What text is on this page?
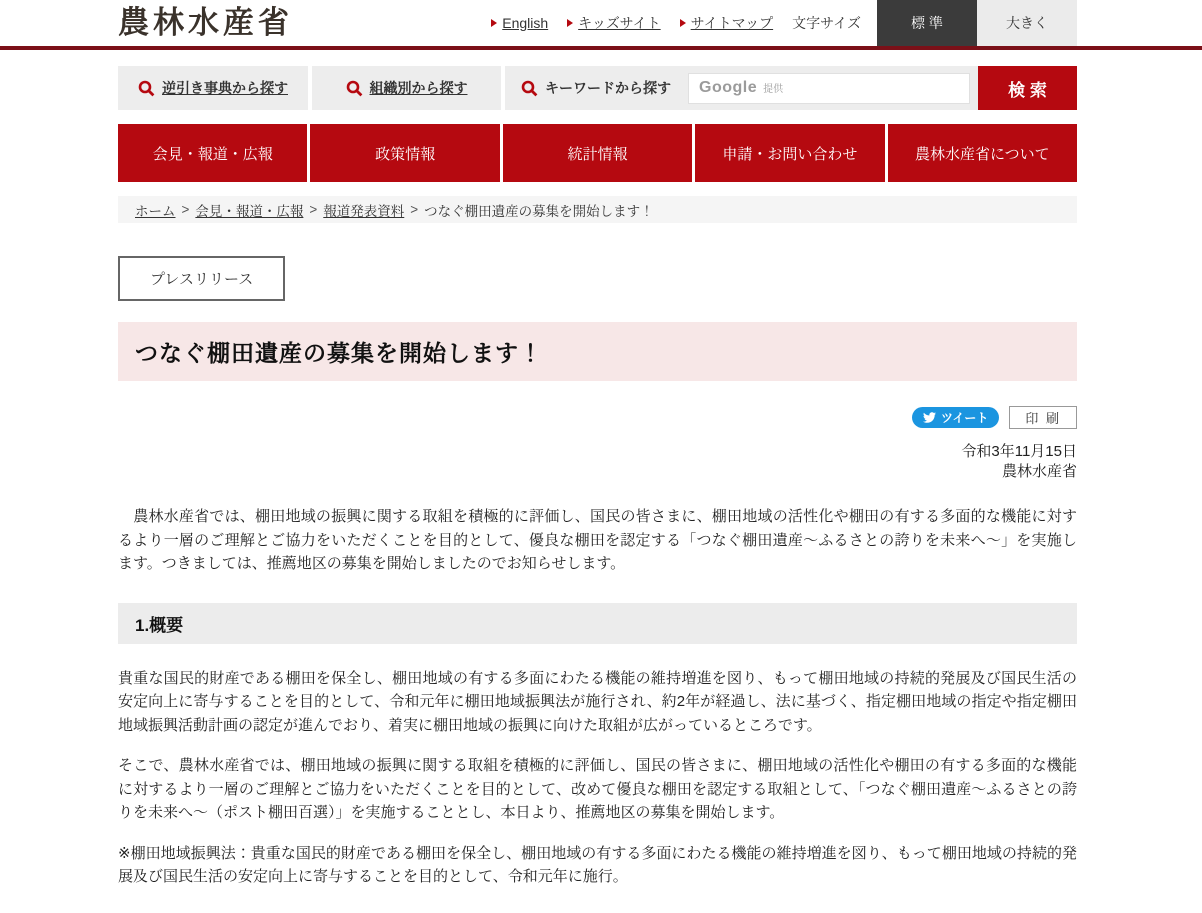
農林水産省	English キッズサイト サイトマップ 文字サイズ	標 準	大きく
逆引き事典から探す	組織別から探す	キーワードから探す Google 提供	検 索
会見・報道・広報	政策情報	統計情報	申請・お問い合わせ	農林水産省について
ホーム > 会見・報道・広報 > 報道発表資料 > つなぐ棚田遺産の募集を開始します！
プレスリリース
つなぐ棚田遺産の募集を開始します！
ツイート	印 刷
令和3年11月15日
農林水産省

　農林水産省では、棚田地域の振興に関する取組を積極的に評価し、国民の皆さまに、棚田地域の活性化や棚田の有する多面的な機能に対するより一層のご理解とご協力をいただくことを目的として、優良な棚田を認定する「つなぐ棚田遺産～ふるさとの誇りを未来へ～」を実施します。つきましては、推薦地区の募集を開始しましたのでお知らせします。

1.概要

貴重な国民的財産である棚田を保全し、棚田地域の有する多面にわたる機能の維持増進を図り、もって棚田地域の持続的発展及び国民生活の安定向上に寄与することを目的として、令和元年に棚田地域振興法が施行され、約2年が経過し、法に基づく、指定棚田地域の指定や指定棚田地域振興活動計画の認定が進んでおり、着実に棚田地域の振興に向けた取組が広がっているところです。

そこで、農林水産省では、棚田地域の振興に関する取組を積極的に評価し、国民の皆さまに、棚田地域の活性化や棚田の有する多面的な機能に対するより一層のご理解とご協力をいただくことを目的として、改めて優良な棚田を認定する取組として、「つなぐ棚田遺産～ふるさとの誇りを未来へ～（ポスト棚田百選）」を実施することとし、本日より、推薦地区の募集を開始します。

※棚田地域振興法：貴重な国民的財産である棚田を保全し、棚田地域の有する多面にわたる機能の維持増進を図り、もって棚田地域の持続的発展及び国民生活の安定向上に寄与することを目的として、令和元年に施行。
